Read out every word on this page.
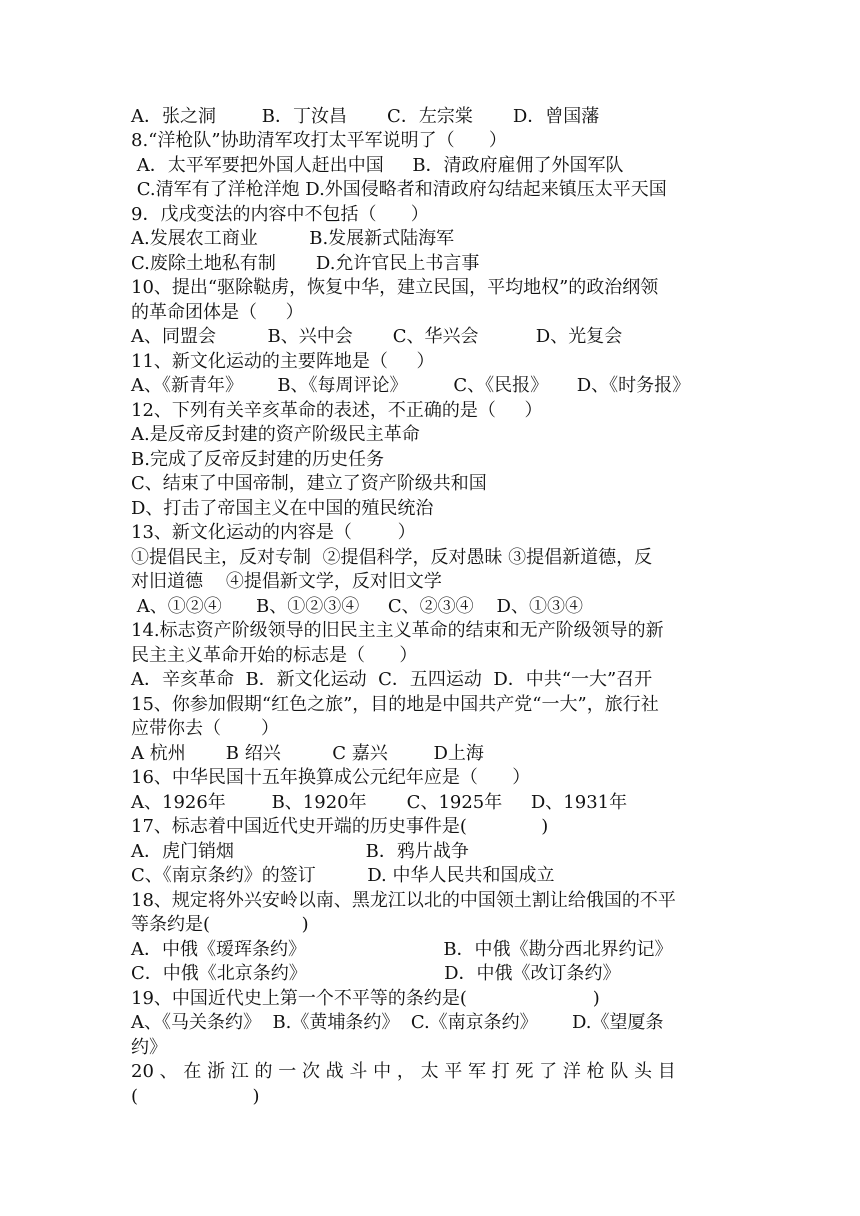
A．张之洞        B．丁汝昌       C．左宗棠       D．曾国藩
8.“洋枪队”协助清军攻打太平军说明了（      ）
A．太平军要把外国人赶出中国     B．清政府雇佣了外国军队
C.清军有了洋枪洋炮 D.外国侵略者和清政府勾结起来镇压太平天国
9．戊戌变法的内容中不包括（      ）
A.发展农工商业         B.发展新式陆海军
C.废除土地私有制       D.允许官民上书言事
10、提出“驱除鞑虏，恢复中华，建立民国，平均地权”的政治纲领
的革命团体是（     ）
A、同盟会         B、兴中会       C、华兴会          D、光复会
11、新文化运动的主要阵地是（     ）
A、《新青年》      B、《每周评论》        C、《民报》     D、《时务报》
12、下列有关辛亥革命的表述，不正确的是（     ）
A.是反帝反封建的资产阶级民主革命
B.完成了反帝反封建的历史任务
C、结束了中国帝制，建立了资产阶级共和国
D、打击了帝国主义在中国的殖民统治
13、新文化运动的内容是（        ）
①提倡民主，反对专制  ②提倡科学，反对愚昧 ③提倡新道德，反
对旧道德    ④提倡新文学，反对旧文学
A、①②④      B、①②③④     C、②③④    D、①③④
14.标志资产阶级领导的旧民主主义革命的结束和无产阶级领导的新
民主主义革命开始的标志是（      ）
A．辛亥革命  B．新文化运动  C．五四运动  D．中共“一大”召开
15、你参加假期“红色之旅”，目的地是中国共产党“一大”，旅行社
应带你去（       ）
A 杭州       B 绍兴         C 嘉兴        D上海
16、中华民国十五年换算成公元纪年应是（      ）
A、1926年        B、1920年       C、1925年     D、1931年
17、标志着中国近代史开端的历史事件是(             )
A．虎门销烟                       B．鸦片战争
C、《南京条约》的签订         D. 中华人民共和国成立
18、规定将外兴安岭以南、黑龙江以北的中国领土割让给俄国的不平
等条约是(                )
A．中俄《瑷珲条约》                        B．中俄《勘分西北界约记》
C．中俄《北京条约》                        D．中俄《改订条约》
19、中国近代史上第一个不平等的条约是(                      )
A、《马关条约》  B.《黄埔条约》  C.《南京条约》      D.《望厦条
约》
20 、 在 浙 江 的 一 次 战 斗 中 ， 太 平 军 打 死 了 洋 枪 队 头 目
(                    )
